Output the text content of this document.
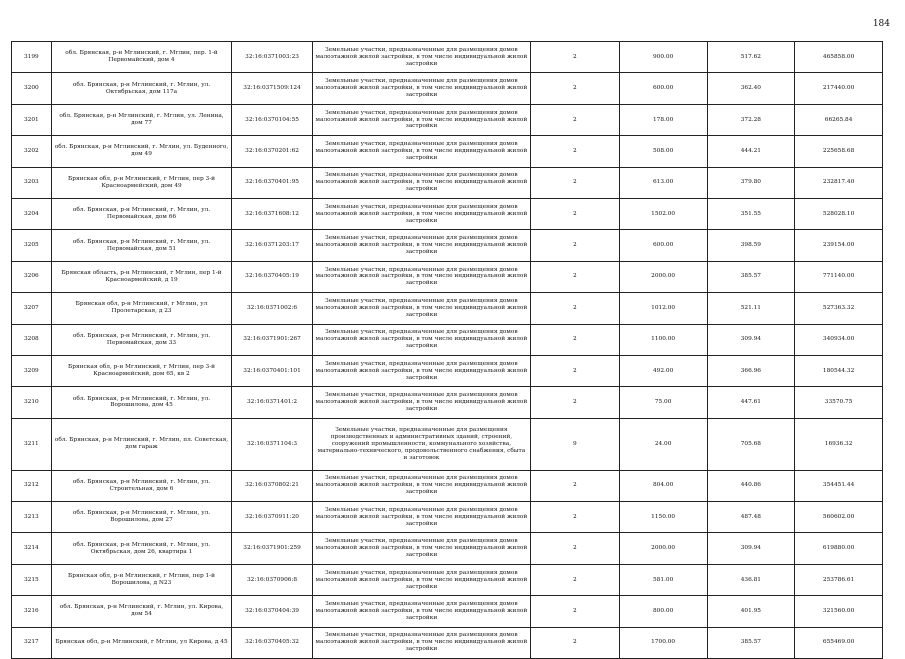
184
3199	обл. Брянская, р-н Мглинский, г. Мглин, пер. 1-й Первомайский, дом 4	32:16:0371003:23	Земельные участки, предназначенные для размещения домов малоэтажной жилой застройки, в том числе индивидуальной жилой застройки	2	900.00	517.62	465858.00
3200	обл. Брянская, р-н Мглинский, г. Мглин, ул. Октябрьская, дом 117а	32:16:0371509:124	Земельные участки, предназначенные для размещения домов малоэтажной жилой застройки, в том числе индивидуальной жилой застройки	2	600.00	362.40	217440.00
3201	обл. Брянская, р-н Мглинский, г. Мглин, ул. Ленина, дом 77	32:16:0370104:55	Земельные участки, предназначенные для размещения домов малоэтажной жилой застройки, в том числе индивидуальной жилой застройки	2	178.00	372.28	66265.84
3202	обл. Брянская, р-н Мглинский, г. Мглин, ул. Буденного, дом 49	32:16:0370201:62	Земельные участки, предназначенные для размещения домов малоэтажной жилой застройки, в том числе индивидуальной жилой застройки	2	508.00	444.21	225658.68
3203	Брянская обл, р-н Мглинский, г Мглин, пер 3-й Красноармейский, дом 49	32:16:0370401:95	Земельные участки, предназначенные для размещения домов малоэтажной жилой застройки, в том числе индивидуальной жилой застройки	2	613.00	379.80	232817.40
3204	обл. Брянская, р-н Мглинский, г. Мглин, ул. Первомайская, дом 66	32:16:0371608:12	Земельные участки, предназначенные для размещения домов малоэтажной жилой застройки, в том числе индивидуальной жилой застройки	2	1502.00	351.55	528028.10
3205	обл. Брянская, р-н Мглинский, г. Мглин, ул. Первомайская, дом 51	32:16:0371203:17	Земельные участки, предназначенные для размещения домов малоэтажной жилой застройки, в том числе индивидуальной жилой застройки	2	600.00	398.59	239154.00
3206	Брянская область, р-н Мглинский, г Мглин, пер 1-й Красноармейский, д 19	32:16:0370405:19	Земельные участки, предназначенные для размещения домов малоэтажной жилой застройки, в том числе индивидуальной жилой застройки	2	2000.00	385.57	771140.00
3207	Брянская обл, р-н Мглинский, г Мглин, ул Пролетарская, д 23	32:16:0371002:6	Земельные участки, предназначенные для размещения домов малоэтажной жилой застройки, в том числе индивидуальной жилой застройки	2	1012.00	521.11	527363.32
3208	обл. Брянская, р-н Мглинский, г. Мглин, ул. Первомайская, дом 33	32:16:0371901:267	Земельные участки, предназначенные для размещения домов малоэтажной жилой застройки, в том числе индивидуальной жилой застройки	2	1100.00	309.94	340934.00
3209	Брянская обл, р-н Мглинский, г Мглин, пер 3-й Красноармейский, дом 65, кв 2	32:16:0370401:101	Земельные участки, предназначенные для размещения домов малоэтажной жилой застройки, в том числе индивидуальной жилой застройки	2	492.00	366.96	180544.32
3210	обл. Брянская, р-н Мглинский, г. Мглин, ул. Ворошилова, дом 45	32:16:0371401:2	Земельные участки, предназначенные для размещения домов малоэтажной жилой застройки, в том числе индивидуальной жилой застройки	2	75.00	447.61	33570.75
3211	обл. Брянская, р-н Мглинский, г. Мглин, пл. Советская, дом гараж	32:16:0371104:3	Земельные участки, предназначенные для размещения производственных и административных зданий, строений, сооружений промышленности, коммунального хозяйства, материально-технического, продовольственного снабжения, сбыта и заготовок	9	24.00	705.68	16936.32
3212	обл. Брянская, р-н Мглинский, г. Мглин, ул. Строительная, дом 6	32:16:0370802:21	Земельные участки, предназначенные для размещения домов малоэтажной жилой застройки, в том числе индивидуальной жилой застройки	2	804.00	440.86	354451.44
3213	обл. Брянская, р-н Мглинский, г. Мглин, ул. Ворошилова, дом 27	32:16:0370911:20	Земельные участки, предназначенные для размещения домов малоэтажной жилой застройки, в том числе индивидуальной жилой застройки	2	1150.00	487.48	560602.00
3214	обл. Брянская, р-н Мглинский, г. Мглин, ул. Октябрьская, дом 26, квартира 1	32:16:0371901:259	Земельные участки, предназначенные для размещения домов малоэтажной жилой застройки, в том числе индивидуальной жилой застройки	2	2000.00	309.94	619880.00
3215	Брянская обл, р-н Мглинский, г Мглин, пер 1-й Ворошилова, д N23	32:16:0370906:8	Земельные участки, предназначенные для размещения домов малоэтажной жилой застройки, в том числе индивидуальной жилой застройки	2	581.00	436.81	253786.61
3216	обл. Брянская, р-н Мглинский, г. Мглин, ул. Кирова, дом 54	32:16:0370404:39	Земельные участки, предназначенные для размещения домов малоэтажной жилой застройки, в том числе индивидуальной жилой застройки	2	800.00	401.95	321560.00
3217	Брянская обл, р-н Мглинский, г Мглин, ул Кирова, д 45	32:16:0370405:32	Земельные участки, предназначенные для размещения домов малоэтажной жилой застройки, в том числе индивидуальной жилой застройки	2	1700.00	385.57	655469.00
